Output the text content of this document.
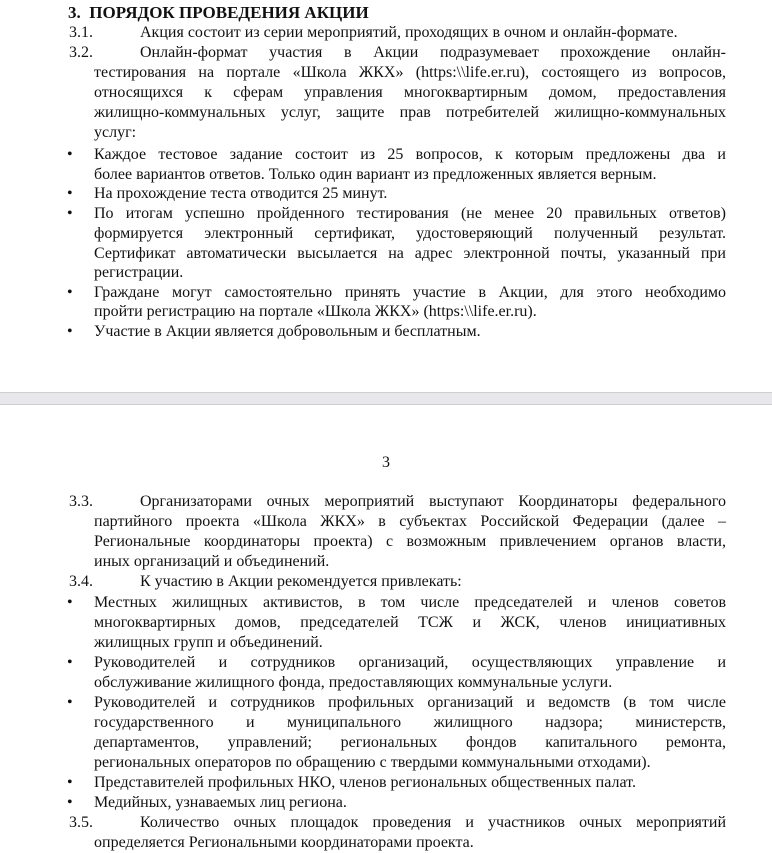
3. ПОРЯДОК ПРОВЕДЕНИЯ АКЦИИ
3.1.	Акция состоит из серии мероприятий, проходящих в очном и онлайн-формате.
3.2.	Онлайн-формат участия в Акции подразумевает прохождение онлайн-
тестирования на портале «Школа ЖКХ» (https:\\life.er.ru), состоящего из вопросов,
относящихся к сферам управления многоквартирным домом, предоставления
жилищно-коммунальных услуг, защите прав потребителей жилищно-коммунальных
услуг:
• Каждое тестовое задание состоит из 25 вопросов, к которым предложены два и
более вариантов ответов. Только один вариант из предложенных является верным.
• На прохождение теста отводится 25 минут.
• По итогам успешно пройденного тестирования (не менее 20 правильных ответов)
формируется электронный сертификат, удостоверяющий полученный результат.
Сертификат автоматически высылается на адрес электронной почты, указанный при
регистрации.
• Граждане могут самостоятельно принять участие в Акции, для этого необходимо
пройти регистрацию на портале «Школа ЖКХ» (https:\\life.er.ru).
• Участие в Акции является добровольным и бесплатным.
3
3.3.	Организаторами очных мероприятий выступают Координаторы федерального
партийного проекта «Школа ЖКХ» в субъектах Российской Федерации (далее –
Региональные координаторы проекта) с возможным привлечением органов власти,
иных организаций и объединений.
3.4.	К участию в Акции рекомендуется привлекать:
• Местных жилищных активистов, в том числе председателей и членов советов
многоквартирных домов, председателей ТСЖ и ЖСК, членов инициативных
жилищных групп и объединений.
• Руководителей и сотрудников организаций, осуществляющих управление и
обслуживание жилищного фонда, предоставляющих коммунальные услуги.
• Руководителей и сотрудников профильных организаций и ведомств (в том числе
государственного и муниципального жилищного надзора; министерств,
департаментов, управлений; региональных фондов капитального ремонта,
региональных операторов по обращению с твердыми коммунальными отходами).
• Представителей профильных НКО, членов региональных общественных палат.
• Медийных, узнаваемых лиц региона.
3.5.	Количество очных площадок проведения и участников очных мероприятий
определяется Региональными координаторами проекта.
